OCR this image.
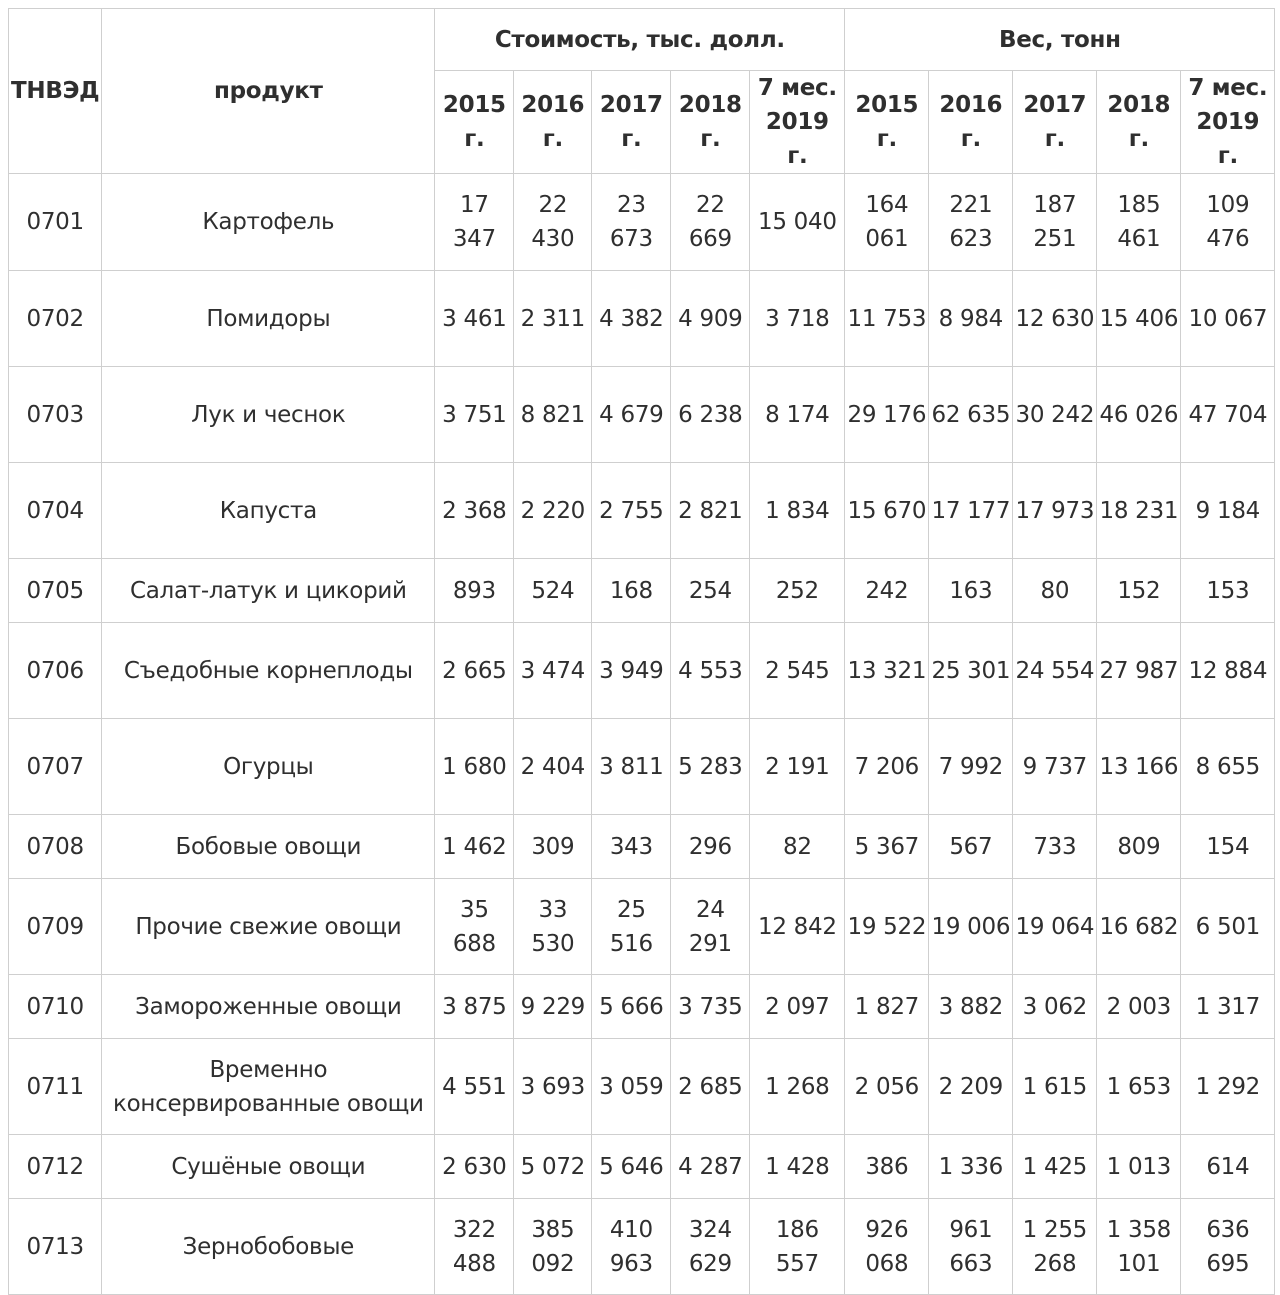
ТНВЭД	продукт	Стоимость, тыс. долл.					Вес, тонн				
		2015 г.	2016 г.	2017 г.	2018 г.	7 мес. 2019 г.	2015 г.	2016 г.	2017 г.	2018 г.	7 мес. 2019 г.
0701	Картофель	17 347	22 430	23 673	22 669	15 040	164 061	221 623	187 251	185 461	109 476
0702	Помидоры	3 461	2 311	4 382	4 909	3 718	11 753	8 984	12 630	15 406	10 067
0703	Лук и чеснок	3 751	8 821	4 679	6 238	8 174	29 176	62 635	30 242	46 026	47 704
0704	Капуста	2 368	2 220	2 755	2 821	1 834	15 670	17 177	17 973	18 231	9 184
0705	Салат-латук и цикорий	893	524	168	254	252	242	163	80	152	153
0706	Съедобные корнеплоды	2 665	3 474	3 949	4 553	2 545	13 321	25 301	24 554	27 987	12 884
0707	Огурцы	1 680	2 404	3 811	5 283	2 191	7 206	7 992	9 737	13 166	8 655
0708	Бобовые овощи	1 462	309	343	296	82	5 367	567	733	809	154
0709	Прочие свежие овощи	35 688	33 530	25 516	24 291	12 842	19 522	19 006	19 064	16 682	6 501
0710	Замороженные овощи	3 875	9 229	5 666	3 735	2 097	1 827	3 882	3 062	2 003	1 317
0711	Временно консервированные овощи	4 551	3 693	3 059	2 685	1 268	2 056	2 209	1 615	1 653	1 292
0712	Сушёные овощи	2 630	5 072	5 646	4 287	1 428	386	1 336	1 425	1 013	614
0713	Зернобобовые	322 488	385 092	410 963	324 629	186 557	926 068	961 663	1 255 268	1 358 101	636 695
